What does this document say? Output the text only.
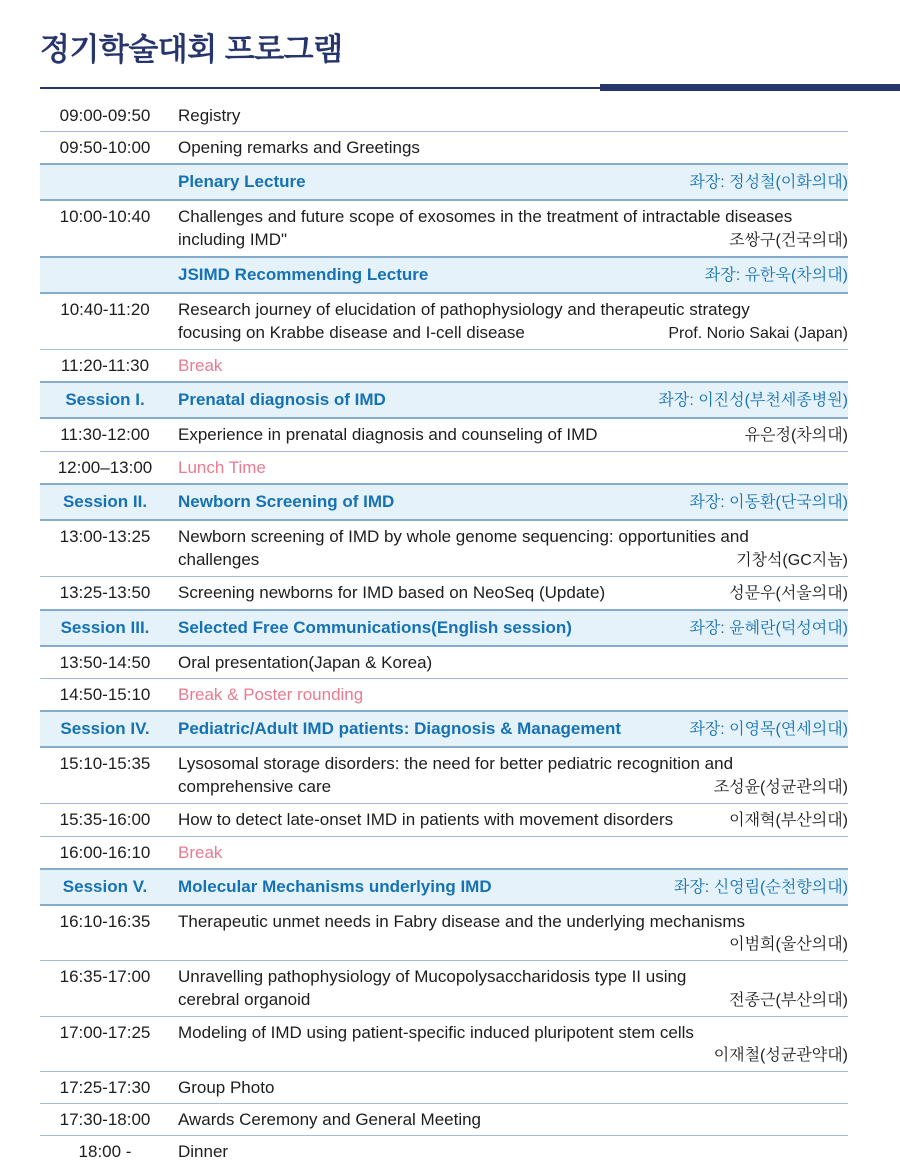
정기학술대회 프로그램
09:00-09:50	Registry
09:50-10:00	Opening remarks and Greetings
Plenary Lecture	좌장: 정성철(이화의대)
10:00-10:40	Challenges and future scope of exosomes in the treatment of intractable diseases
including IMD"	조쌍구(건국의대)
JSIMD Recommending Lecture	좌장: 유한욱(차의대)
10:40-11:20	Research journey of elucidation of pathophysiology and therapeutic strategy
focusing on Krabbe disease and I-cell disease	Prof. Norio Sakai (Japan)
11:20-11:30	Break
Session I.	Prenatal diagnosis of IMD	좌장: 이진성(부천세종병원)
11:30-12:00	Experience in prenatal diagnosis and counseling of IMD	유은정(차의대)
12:00–13:00	Lunch Time
Session II.	Newborn Screening of IMD	좌장: 이동환(단국의대)
13:00-13:25	Newborn screening of IMD by whole genome sequencing: opportunities and
challenges	기창석(GC지놈)
13:25-13:50	Screening newborns for IMD based on NeoSeq (Update)	성문우(서울의대)
Session III.	Selected Free Communications(English session)	좌장: 윤혜란(덕성여대)
13:50-14:50	Oral presentation(Japan & Korea)
14:50-15:10	Break & Poster rounding
Session IV.	Pediatric/Adult IMD patients: Diagnosis & Management	좌장: 이영목(연세의대)
15:10-15:35	Lysosomal storage disorders: the need for better pediatric recognition and
comprehensive care	조성윤(성균관의대)
15:35-16:00	How to detect late-onset IMD in patients with movement disorders	이재혁(부산의대)
16:00-16:10	Break
Session V.	Molecular Mechanisms underlying IMD	좌장: 신영림(순천향의대)
16:10-16:35	Therapeutic unmet needs in Fabry disease and the underlying mechanisms
이범희(울산의대)
16:35-17:00	Unravelling pathophysiology of Mucopolysaccharidosis type II using
cerebral organoid	전종근(부산의대)
17:00-17:25	Modeling of IMD using patient-specific induced pluripotent stem cells
이재철(성균관약대)
17:25-17:30	Group Photo
17:30-18:00	Awards Ceremony and General Meeting
18:00 -	Dinner
